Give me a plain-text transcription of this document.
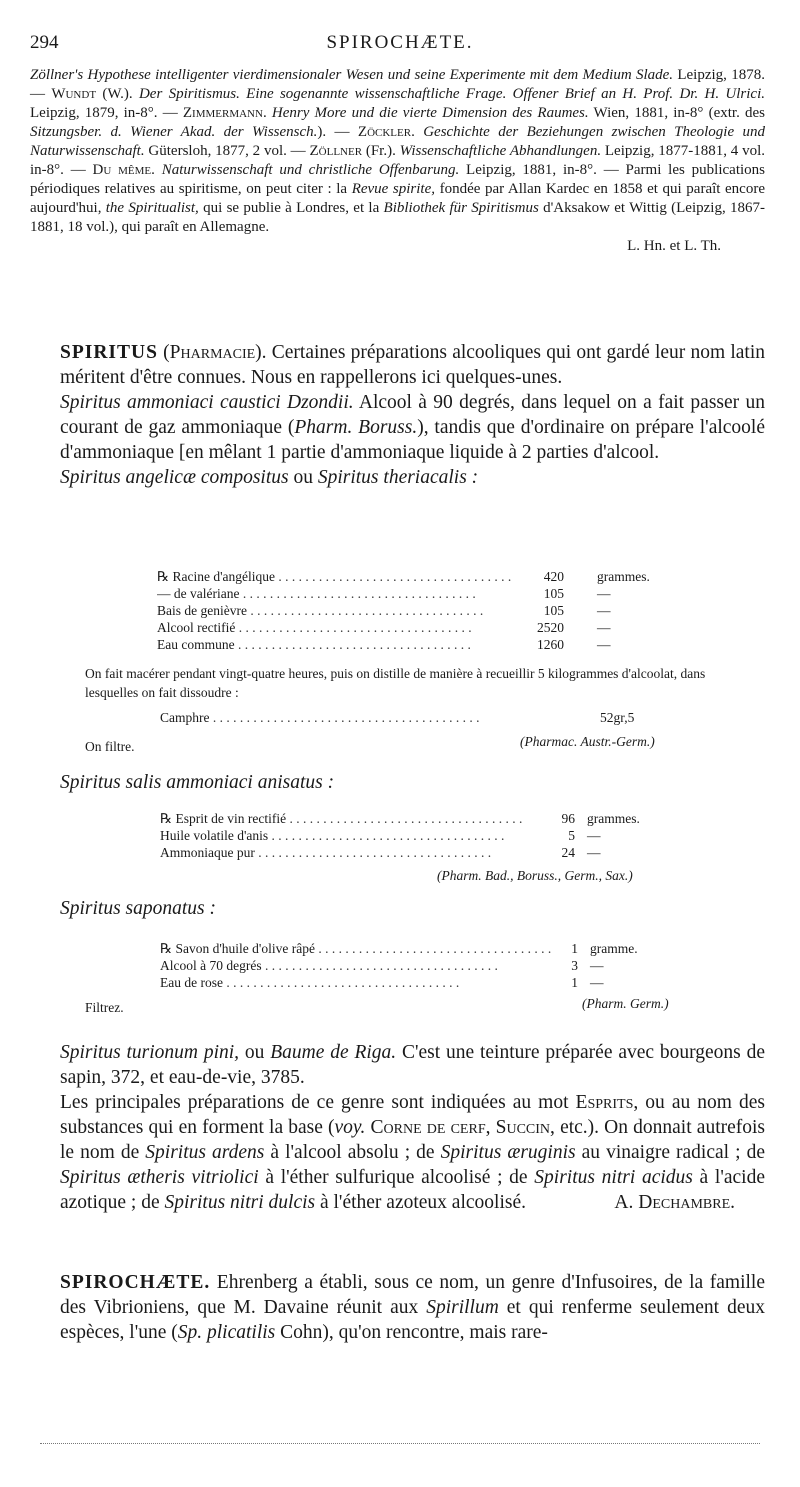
294	SPIROCHÆTE.
Zöllner's Hypothese intelligenter vierdimensionaler Wesen und seine Experimente mit dem Medium Slade. Leipzig, 1878. — Wundt (W.). Der Spiritismus. Eine sogenannte wissenschaftliche Frage. Offener Brief an H. Prof. Dr. H. Ulrici. Leipzig, 1879, in-8°. — Zimmermann. Henry More und die vierte Dimension des Raumes. Wien, 1881, in-8° (extr. des Sitzungsber. d. Wiener Akad. der Wissensch.). — Zöckler. Geschichte der Beziehungen zwischen Theologie und Naturwissenschaft. Gütersloh, 1877, 2 vol. — Zöllner (Fr.). Wissenschaftliche Abhandlungen. Leipzig, 1877-1881, 4 vol. in-8°. — Du même. Naturwissenschaft und christliche Offenbarung. Leipzig, 1881, in-8°. — Parmi les publications périodiques relatives au spiritisme, on peut citer : la Revue spirite, fondée par Allan Kardec en 1858 et qui paraît encore aujourd'hui, the Spiritualist, qui se publie à Londres, et la Bibliothek für Spiritismus d'Aksakow et Wittig (Leipzig, 1867-1881, 18 vol.), qui paraît en Allemagne.
L. Hn. et L. Th.

SPIRITUS (Pharmacie). Certaines préparations alcooliques qui ont gardé leur nom latin méritent d'être connues. Nous en rappellerons ici quelques-unes.

Spiritus ammoniaci caustici Dzondii. Alcool à 90 degrés, dans lequel on a fait passer un courant de gaz ammoniaque (Pharm. Boruss.), tandis que d'ordinaire on prépare l'alcoolé d'ammoniaque [en mêlant 1 partie d'ammoniaque liquide à 2 parties d'alcool.

Spiritus angelicæ compositus ou Spiritus theriacalis :

℞ Racine d'angélique . . . . . . . . . . . . . . . . . . . . . . . . . . . . . . . . . . .	420 grammes.
— de valériane . . . . . . . . . . . . . . . . . . . . . . . . . . . . . . . . . . .	105 —
Bais de genièvre . . . . . . . . . . . . . . . . . . . . . . . . . . . . . . . . . . .	105 —
Alcool rectifié . . . . . . . . . . . . . . . . . . . . . . . . . . . . . . . . . . .	2520 —
Eau commune . . . . . . . . . . . . . . . . . . . . . . . . . . . . . . . . . . .	1260 —
On fait macérer pendant vingt-quatre heures, puis on distille de manière à recueillir 5 kilogrammes d'alcoolat, dans lesquelles on fait dissoudre :
Camphre . . . . . . . . . . . . . . . . . . . . . . . . . . . . . . . . . . . . . . . .	52gr,5
On filtre.	(Pharmac. Austr.-Germ.)
Spiritus salis ammoniaci anisatus :
℞ Esprit de vin rectifié . . . . . . . . . . . . . . . . . . . . . . . . . . . . . . . . . . .	96 grammes.
Huile volatile d'anis . . . . . . . . . . . . . . . . . . . . . . . . . . . . . . . . . . .	5 —
Ammoniaque pur . . . . . . . . . . . . . . . . . . . . . . . . . . . . . . . . . . .	24 —
(Pharm. Bad., Boruss., Germ., Sax.)
Spiritus saponatus :
℞ Savon d'huile d'olive râpé . . . . . . . . . . . . . . . . . . . . . . . . . . . . . . . . . . .	1 gramme.
Alcool à 70 degrés . . . . . . . . . . . . . . . . . . . . . . . . . . . . . . . . . . .	3 —
Eau de rose . . . . . . . . . . . . . . . . . . . . . . . . . . . . . . . . . . .	1 —
Filtrez.	(Pharm. Germ.)

Spiritus turionum pini, ou Baume de Riga. C'est une teinture préparée avec bourgeons de sapin, 372, et eau-de-vie, 3785.

Les principales préparations de ce genre sont indiquées au mot Esprits, ou au nom des substances qui en forment la base (voy. Corne de cerf, Succin, etc.). On donnait autrefois le nom de Spiritus ardens à l'alcool absolu ; de Spiritus æruginis au vinaigre radical ; de Spiritus ætheris vitriolici à l'éther sulfurique alcoolisé ; de Spiritus nitri acidus à l'acide azotique ; de Spiritus nitri dulcis à l'éther azoteux alcoolisé.	A. Dechambre.

SPIROCHÆTE. Ehrenberg a établi, sous ce nom, un genre d'Infusoires, de la famille des Vibrioniens, que M. Davaine réunit aux Spirillum et qui renferme seulement deux espèces, l'une (Sp. plicatilis Cohn), qu'on rencontre, mais rare-
